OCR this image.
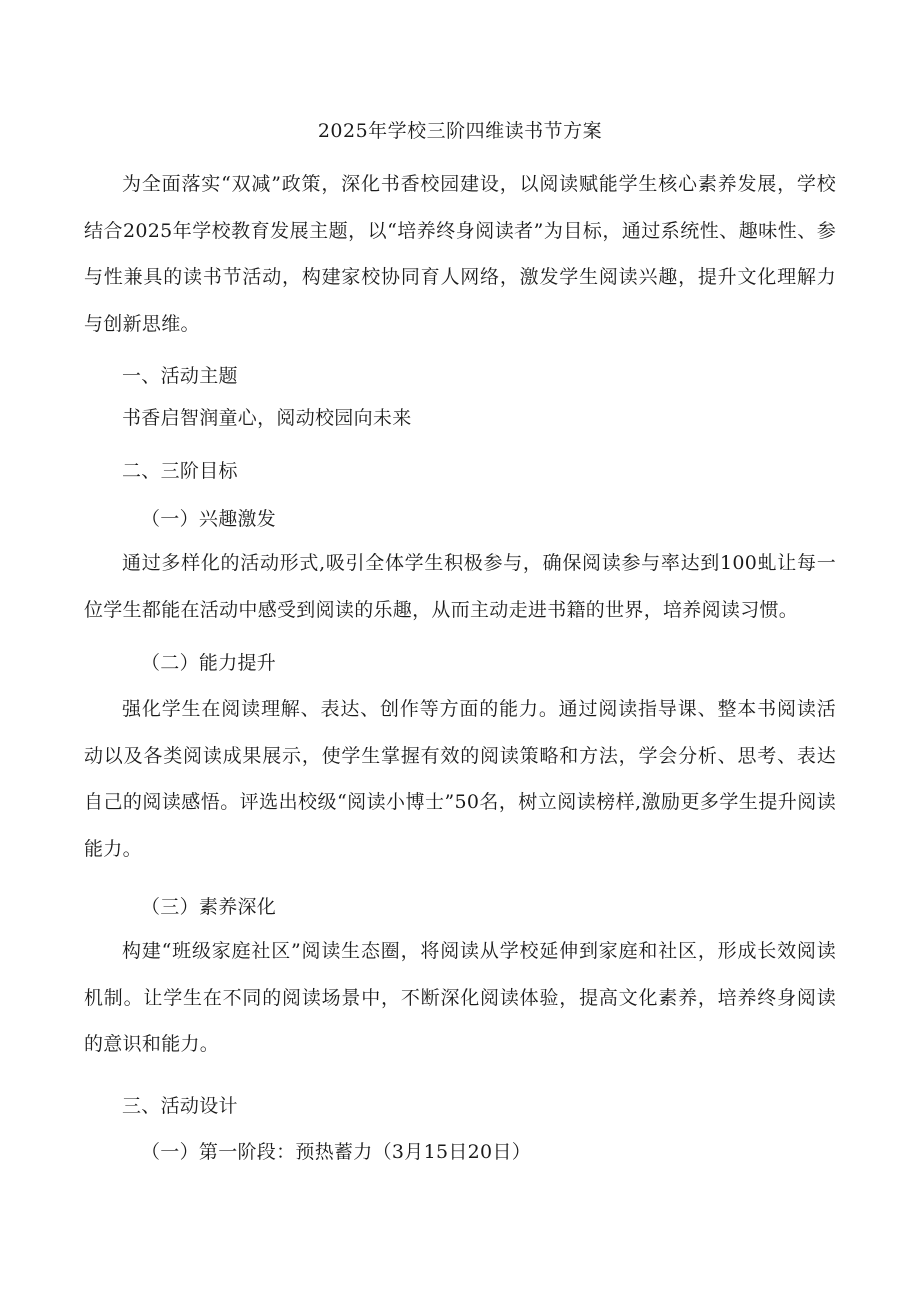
2025年学校三阶四维读书节方案

为全面落实“双减”政策，深化书香校园建设，以阅读赋能学生核心素养发展，学校结合2025年学校教育发展主题，以“培养终身阅读者”为目标，通过系统性、趣味性、参与性兼具的读书节活动，构建家校协同育人网络，激发学生阅读兴趣，提升文化理解力与创新思维。

一、活动主题
书香启智润童心，阅动校园向未来
二、三阶目标
（一）兴趣激发

通过多样化的活动形式,吸引全体学生积极参与，确保阅读参与率达到100虬让每一位学生都能在活动中感受到阅读的乐趣，从而主动走进书籍的世界，培养阅读习惯。

（二）能力提升

强化学生在阅读理解、表达、创作等方面的能力。通过阅读指导课、整本书阅读活动以及各类阅读成果展示，使学生掌握有效的阅读策略和方法，学会分析、思考、表达自己的阅读感悟。评选出校级“阅读小博士”50名，树立阅读榜样,激励更多学生提升阅读能力。

（三）素养深化

构建“班级家庭社区”阅读生态圈，将阅读从学校延伸到家庭和社区，形成长效阅读机制。让学生在不同的阅读场景中，不断深化阅读体验，提高文化素养，培养终身阅读的意识和能力。

三、活动设计
（一）第一阶段：预热蓄力（3月15日20日）
